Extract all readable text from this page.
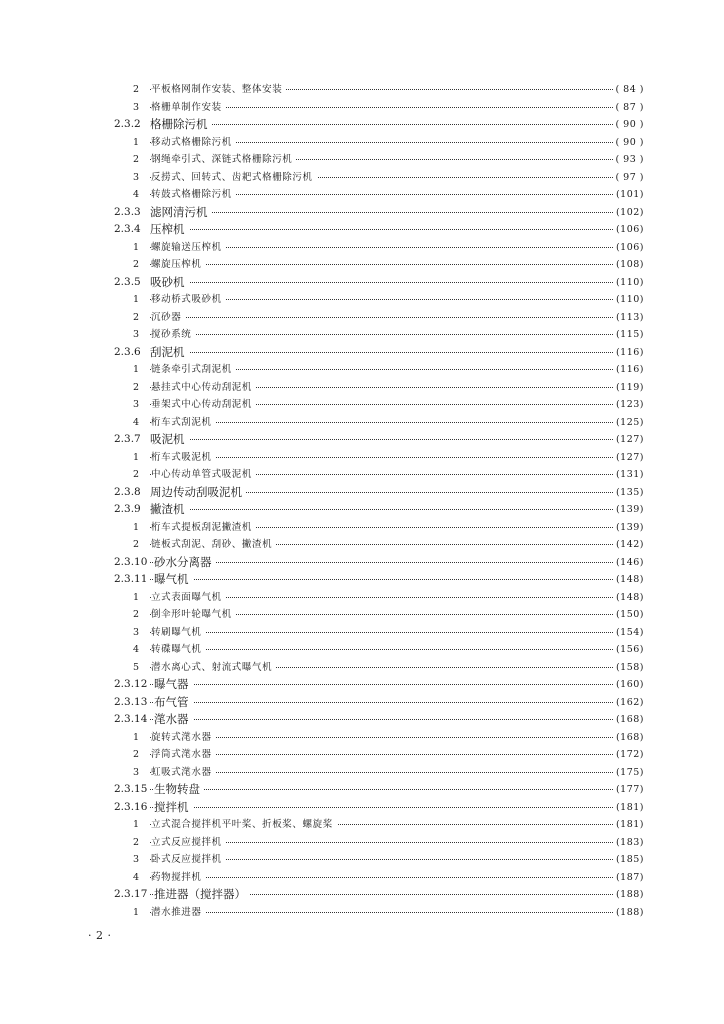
2 平板格网制作安装、整体安装	( 84 )
3 格栅单制作安装	( 87 )
2.3.2 格栅除污机	( 90 )
1 移动式格栅除污机	( 90 )
2 钢绳牵引式、深链式格栅除污机	( 93 )
3 反捞式、回转式、齿耙式格栅除污机	( 97 )
4 转鼓式格栅除污机	(101)
2.3.3 滤网清污机	(102)
2.3.4 压榨机	(106)
1 螺旋输送压榨机	(106)
2 螺旋压榨机	(108)
2.3.5 吸砂机	(110)
1 移动桥式吸砂机	(110)
2 沉砂器	(113)
3 搅砂系统	(115)
2.3.6 刮泥机	(116)
1 链条牵引式刮泥机	(116)
2 悬挂式中心传动刮泥机	(119)
3 垂架式中心传动刮泥机	(123)
4 桁车式刮泥机	(125)
2.3.7 吸泥机	(127)
1 桁车式吸泥机	(127)
2 中心传动单管式吸泥机	(131)
2.3.8 周边传动刮吸泥机	(135)
2.3.9 撇渣机	(139)
1 桁车式提板刮泥撇渣机	(139)
2 链板式刮泥、刮砂、撇渣机	(142)
2.3.10 砂水分离器	(146)
2.3.11 曝气机	(148)
1 立式表面曝气机	(148)
2 倒伞形叶轮曝气机	(150)
3 转刷曝气机	(154)
4 转碟曝气机	(156)
5 潜水离心式、射流式曝气机	(158)
2.3.12 曝气器	(160)
2.3.13 布气管	(162)
2.3.14 滗水器	(168)
1 旋转式滗水器	(168)
2 浮筒式滗水器	(172)
3 虹吸式滗水器	(175)
2.3.15 生物转盘	(177)
2.3.16 搅拌机	(181)
1 立式混合搅拌机平叶桨、折板桨、螺旋桨	(181)
2 立式反应搅拌机	(183)
3 卧式反应搅拌机	(185)
4 药物搅拌机	(187)
2.3.17 推进器（搅拌器）	(188)
1 潜水推进器	(188)
· 2 ·
